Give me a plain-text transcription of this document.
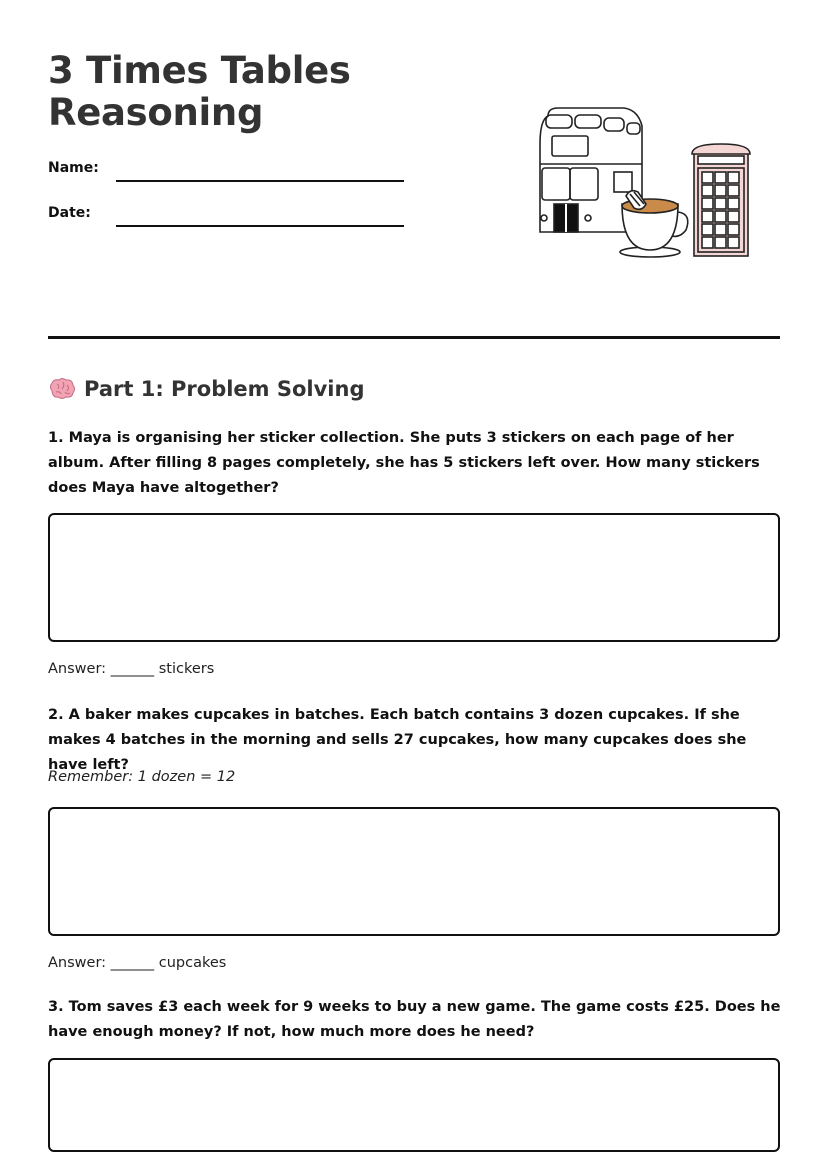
3 Times Tables
Reasoning
Name:
Date:
Part 1: Problem Solving

1. Maya is organising her sticker collection. She puts 3 stickers on each page of her album. After filling 8 pages completely, she has 5 stickers left over. How many stickers does Maya have altogether?

Answer: ______ stickers

2. A baker makes cupcakes in batches. Each batch contains 3 dozen cupcakes. If she makes 4 batches in the morning and sells 27 cupcakes, how many cupcakes does she have left?

Remember: 1 dozen = 12

Answer: ______ cupcakes

3. Tom saves £3 each week for 9 weeks to buy a new game. The game costs £25. Does he have enough money? If not, how much more does he need?
